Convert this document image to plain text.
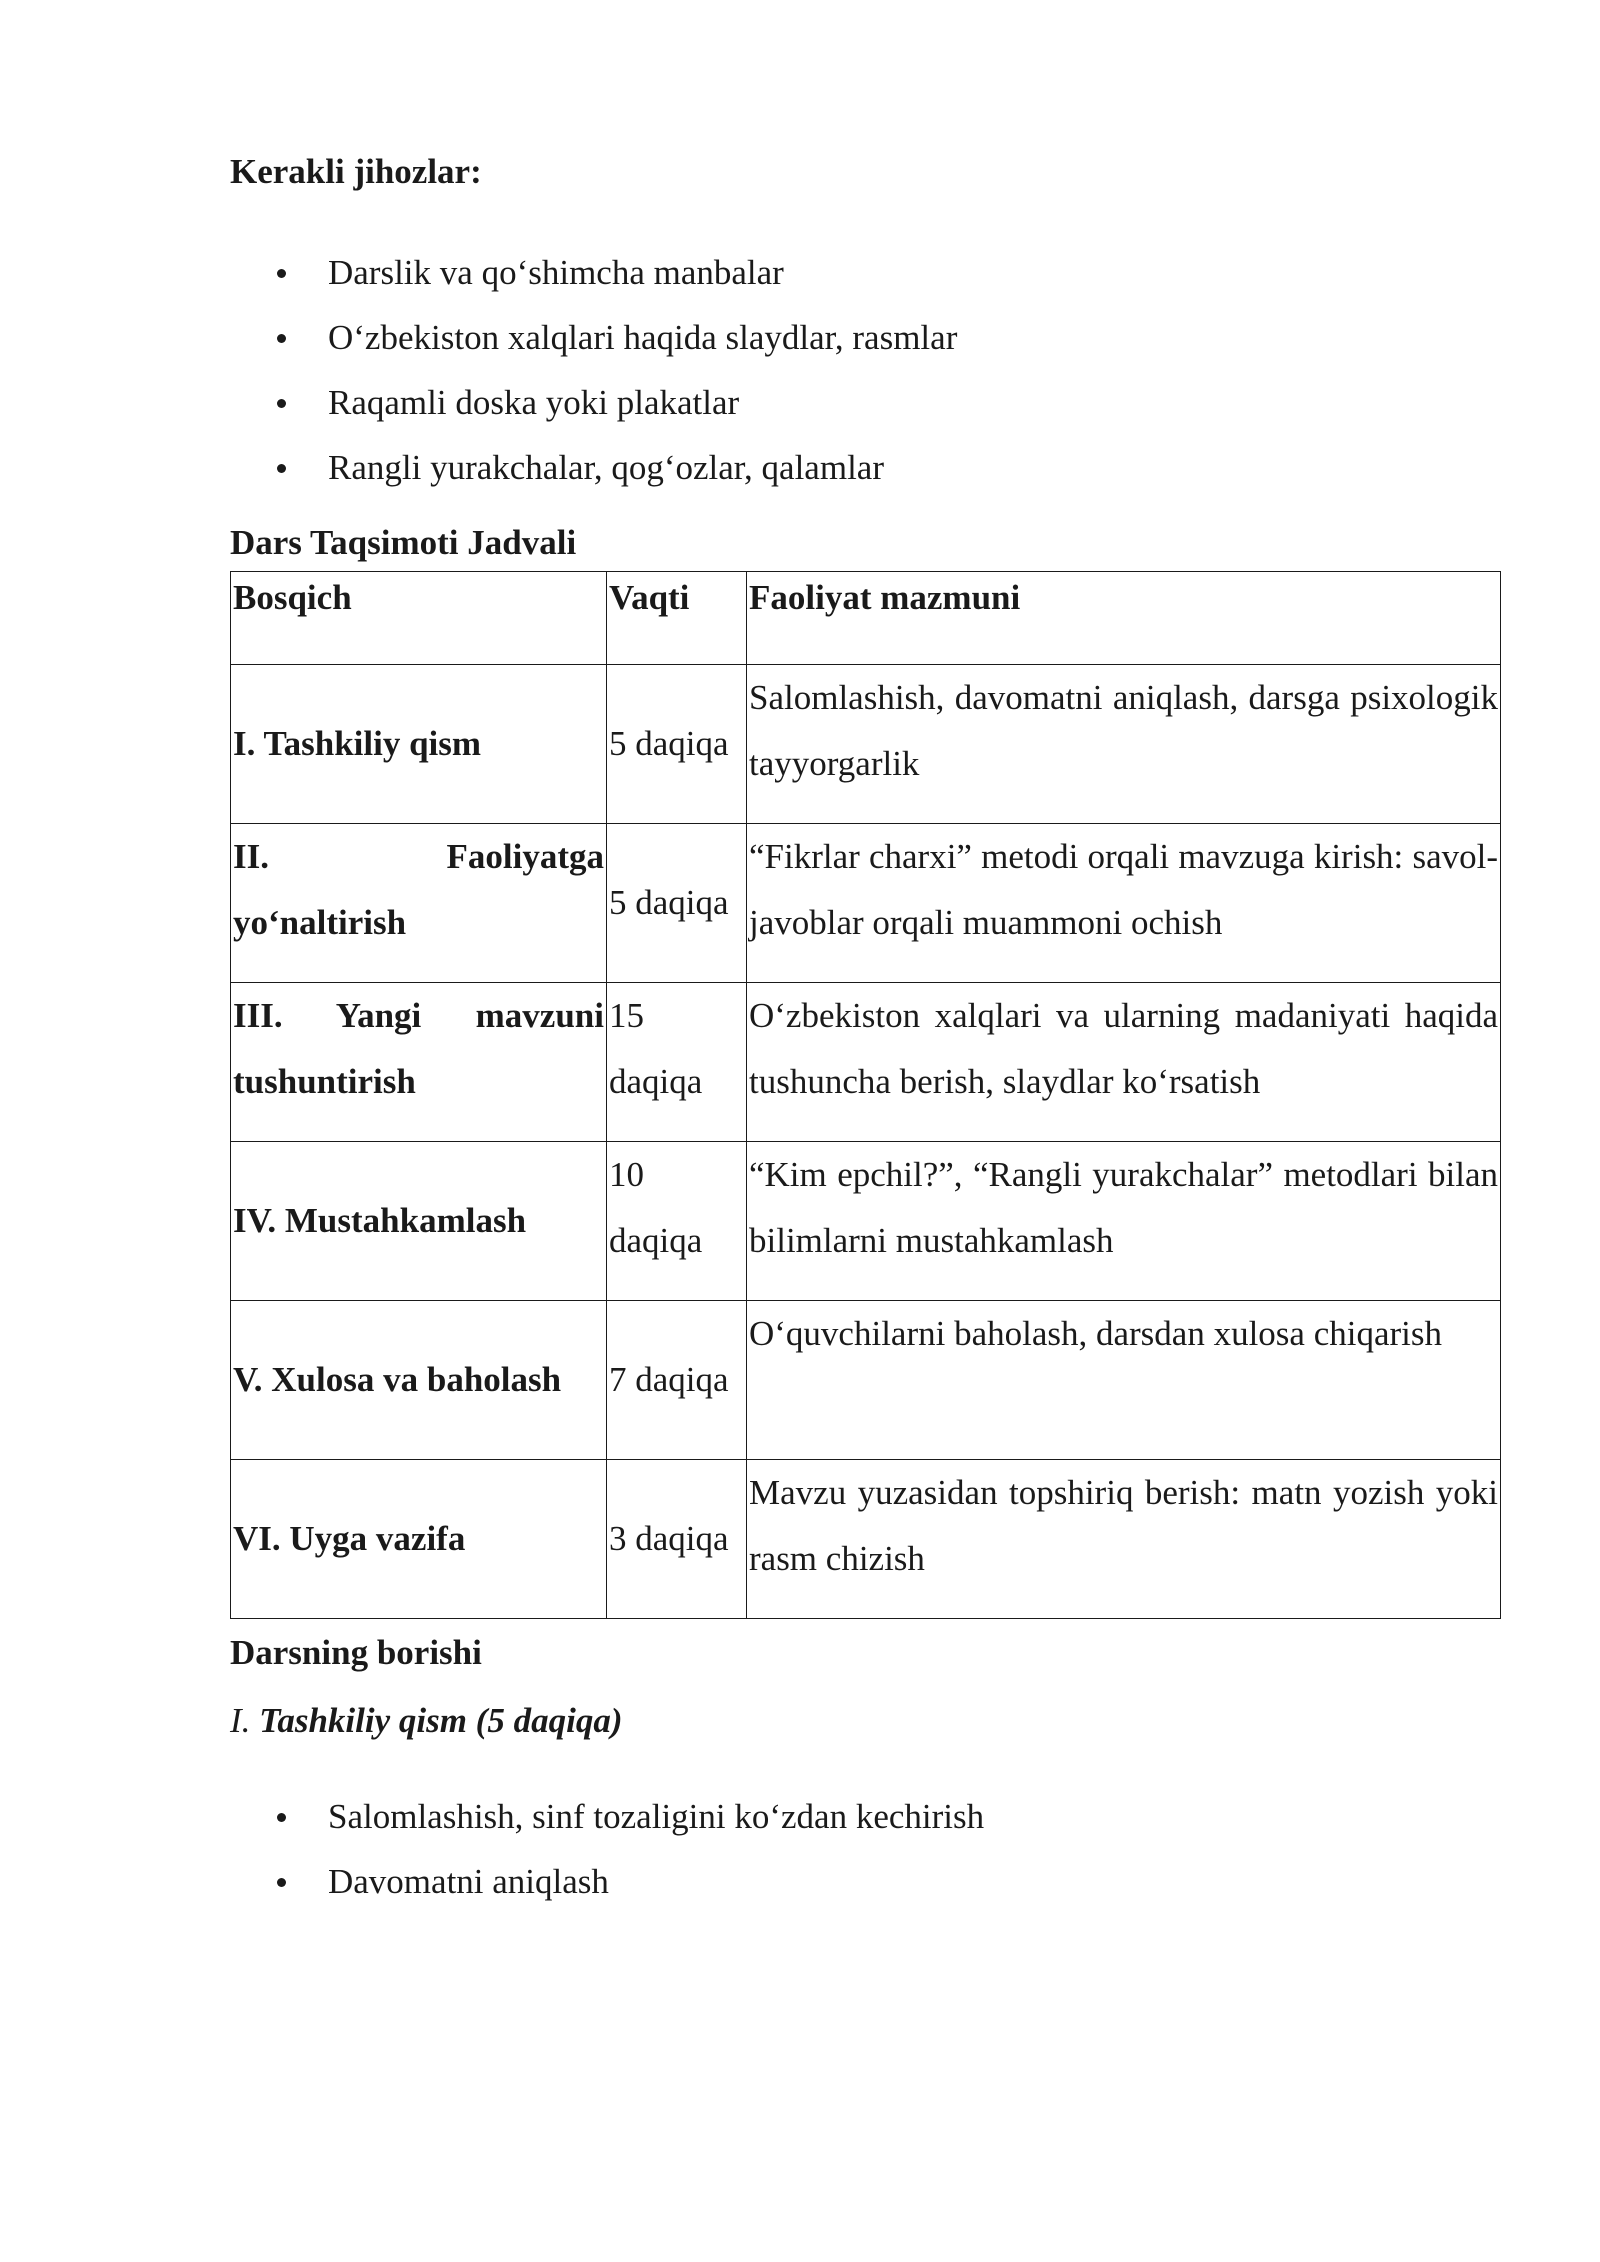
Kerakli jihozlar:

Darslik va qo‘shimcha manbalar
O‘zbekiston xalqlari haqida slaydlar, rasmlar
Raqamli doska yoki plakatlar
Rangli yurakchalar, qog‘ozlar, qalamlar

Dars Taqsimoti Jadvali

Bosqich	Vaqti	Faoliyat mazmuni
I. Tashkiliy qism	5 daqiqa	Salomlashish, davomatni aniqlash, darsga psixologik tayyorgarlik
II. Faoliyatga yo‘naltirish	5 daqiqa	“Fikrlar charxi” metodi orqali mavzuga kirish: savol-javoblar orqali muammoni ochish
III. Yangi mavzuni tushuntirish	15 daqiqa	O‘zbekiston xalqlari va ularning madaniyati haqida tushuncha berish, slaydlar ko‘rsatish
IV. Mustahkamlash	10 daqiqa	“Kim epchil?”, “Rangli yurakchalar” metodlari bilan bilimlarni mustahkamlash
V. Xulosa va baholash	7 daqiqa	O‘quvchilarni baholash, darsdan xulosa chiqarish
VI. Uyga vazifa	3 daqiqa	Mavzu yuzasidan topshiriq berish: matn yozish yoki rasm chizish

Darsning borishi

I. Tashkiliy qism (5 daqiqa)

Salomlashish, sinf tozaligini ko‘zdan kechirish
Davomatni aniqlash
